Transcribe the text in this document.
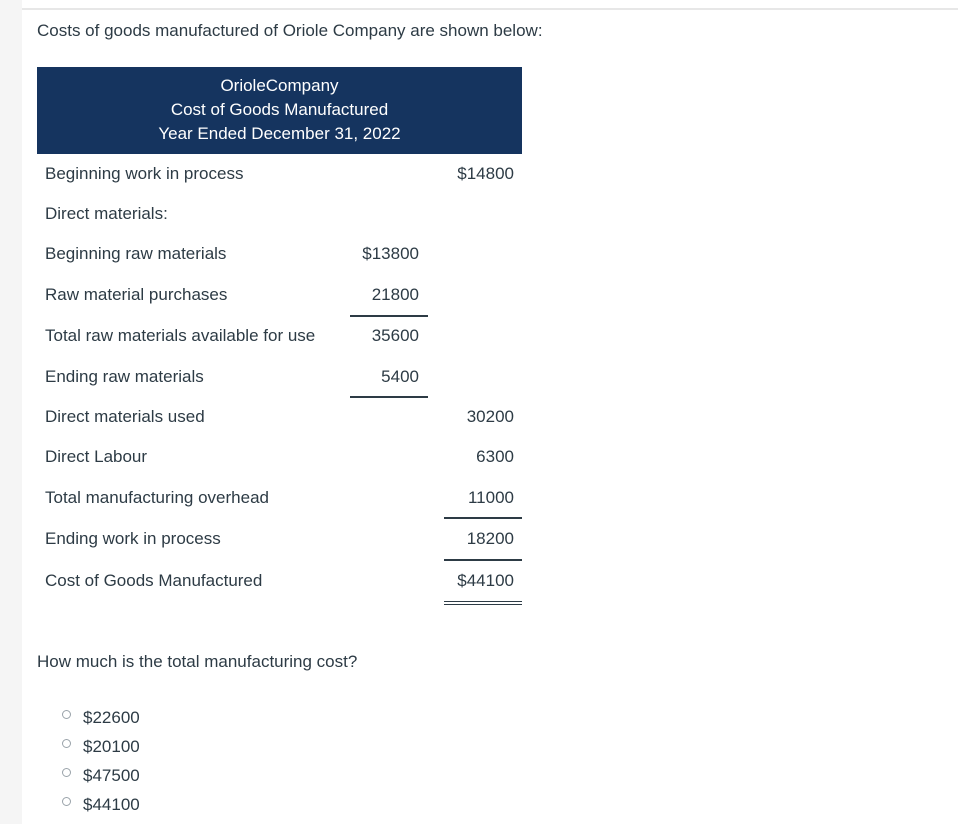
Costs of goods manufactured of Oriole Company are shown below:
OrioleCompany
Cost of Goods Manufactured
Year Ended December 31, 2022
Beginning work in process	$14800
Direct materials:
Beginning raw materials	$13800
Raw material purchases	21800
Total raw materials available for use	35600
Ending raw materials	5400
Direct materials used	30200
Direct Labour	6300
Total manufacturing overhead	11000
Ending work in process	18200
Cost of Goods Manufactured	$44100
How much is the total manufacturing cost?
$22600
$20100
$47500
$44100
